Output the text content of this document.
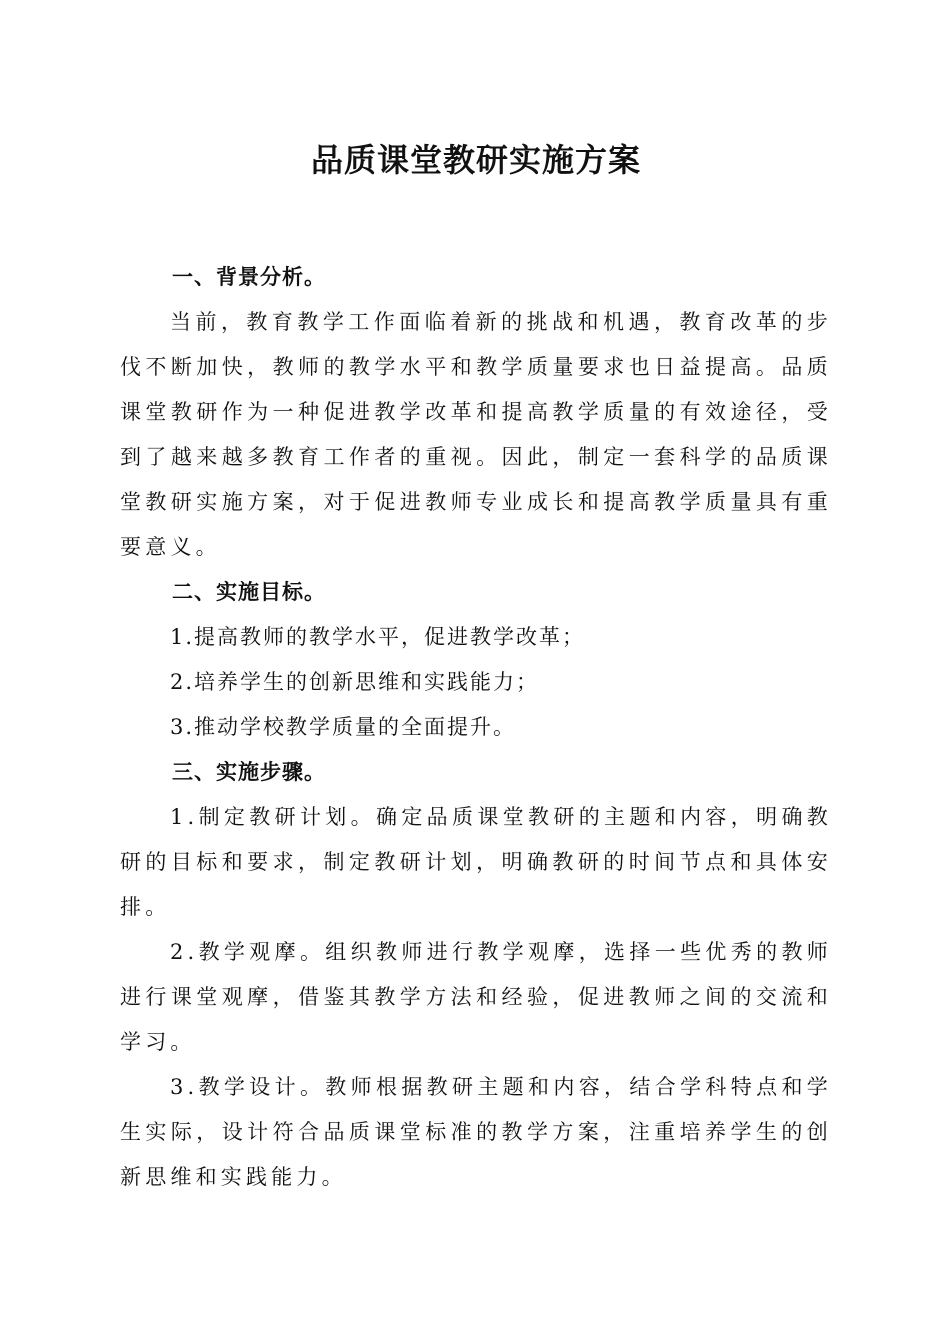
品质课堂教研实施方案
一、背景分析。

当前，教育教学工作面临着新的挑战和机遇，教育改革的步伐不断加快，教师的教学水平和教学质量要求也日益提高。品质课堂教研作为一种促进教学改革和提高教学质量的有效途径，受到了越来越多教育工作者的重视。因此，制定一套科学的品质课堂教研实施方案，对于促进教师专业成长和提高教学质量具有重要意义。

二、实施目标。

1.提高教师的教学水平，促进教学改革；

2.培养学生的创新思维和实践能力；

3.推动学校教学质量的全面提升。

三、实施步骤。

1.制定教研计划。确定品质课堂教研的主题和内容，明确教研的目标和要求，制定教研计划，明确教研的时间节点和具体安排。

2.教学观摩。组织教师进行教学观摩，选择一些优秀的教师进行课堂观摩，借鉴其教学方法和经验，促进教师之间的交流和学习。

3.教学设计。教师根据教研主题和内容，结合学科特点和学生实际，设计符合品质课堂标准的教学方案，注重培养学生的创新思维和实践能力。
